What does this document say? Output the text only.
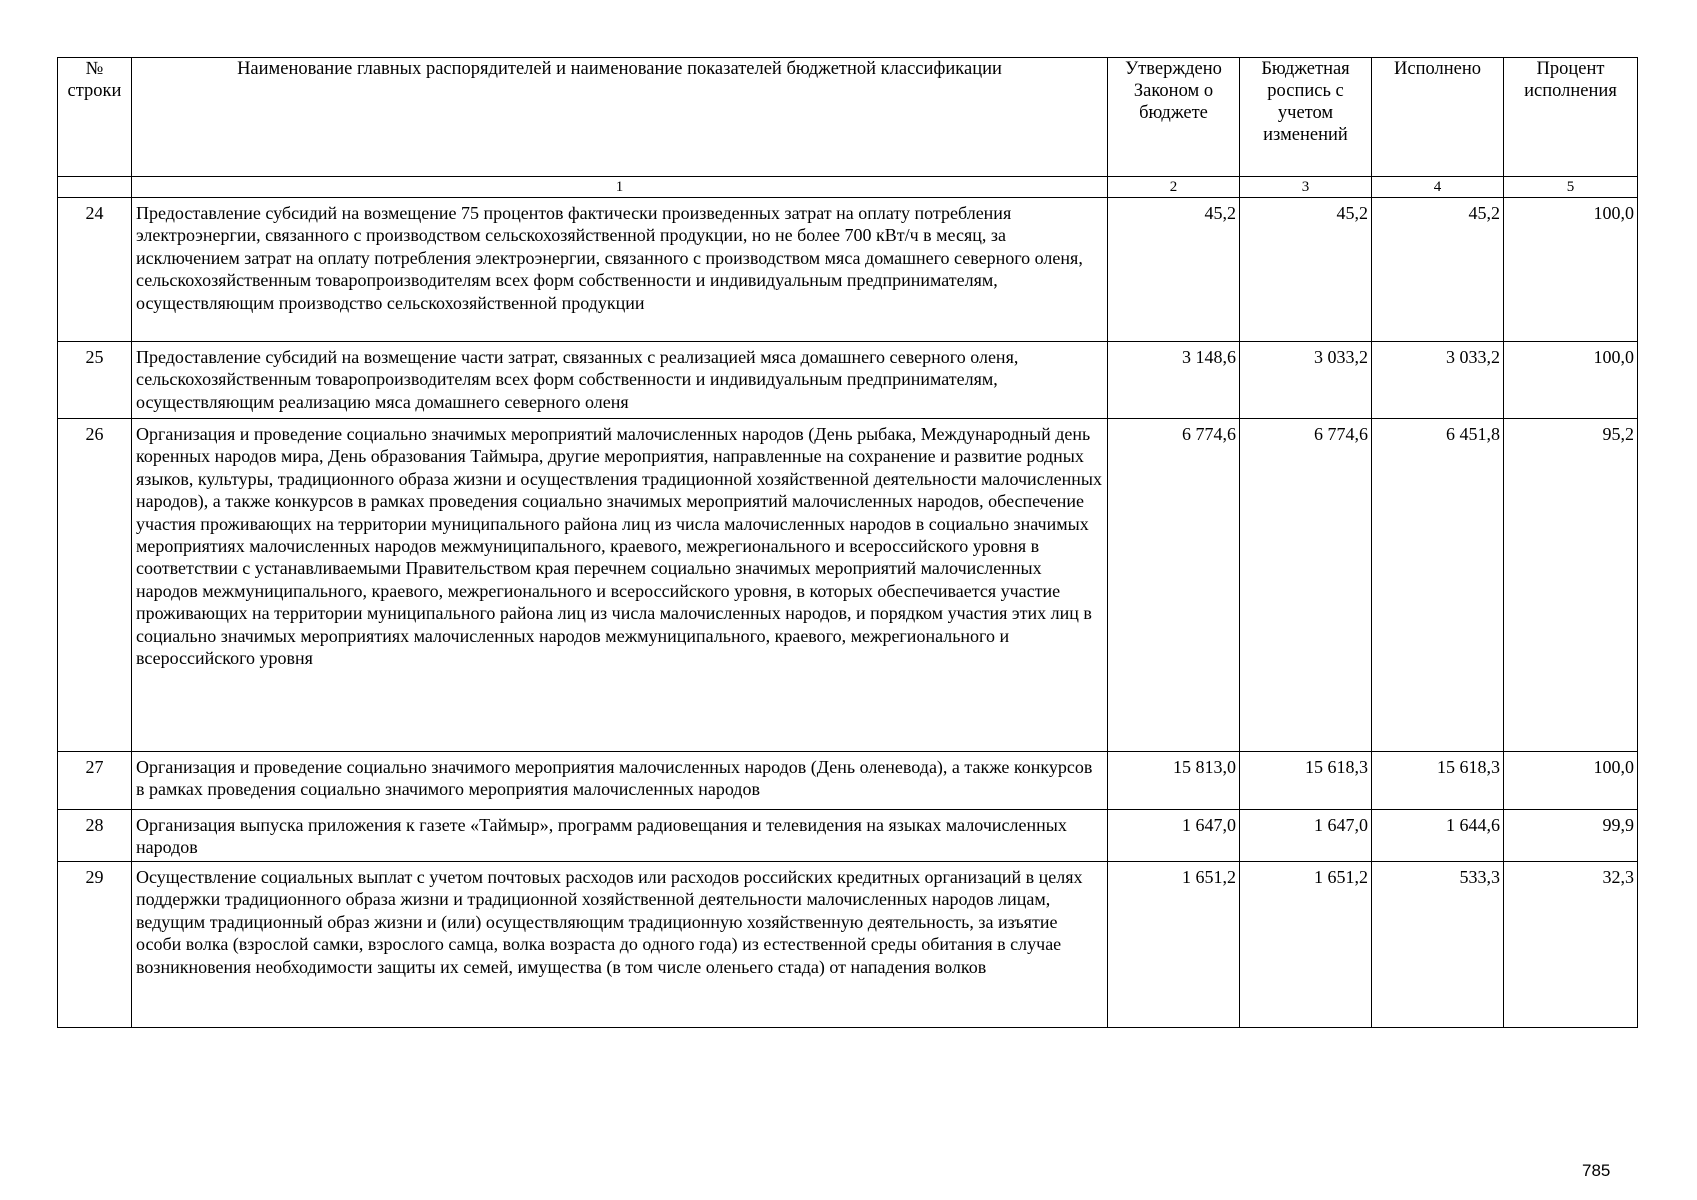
№ строки	Наименование главных распорядителей и наименование показателей бюджетной классификации	Утверждено Законом о бюджете	Бюджетная роспись с учетом изменений	Исполнено	Процент исполнения
	1	2	3	4	5
24	Предоставление субсидий на возмещение 75 процентов фактически произведенных затрат на оплату потребления электроэнергии, связанного с производством сельскохозяйственной продукции, но не более 700 кВт/ч в месяц, за исключением затрат на оплату потребления электроэнергии, связанного с производством мяса домашнего северного оленя, сельскохозяйственным товаропроизводителям всех форм собственности и индивидуальным предпринимателям, осуществляющим производство сельскохозяйственной продукции	45,2	45,2	45,2	100,0
25	Предоставление субсидий на возмещение части затрат, связанных с реализацией мяса домашнего северного оленя, сельскохозяйственным товаропроизводителям всех форм собственности и индивидуальным предпринимателям, осуществляющим реализацию мяса домашнего северного оленя	3 148,6	3 033,2	3 033,2	100,0
26	Организация и проведение социально значимых мероприятий малочисленных народов (День рыбака, Международный день коренных народов мира, День образования Таймыра, другие мероприятия, направленные на сохранение и развитие родных языков, культуры, традиционного образа жизни и осуществления традиционной хозяйственной деятельности малочисленных народов), а также конкурсов в рамках проведения социально значимых мероприятий малочисленных народов, обеспечение участия проживающих на территории муниципального района лиц из числа малочисленных народов в социально значимых мероприятиях малочисленных народов межмуниципального, краевого, межрегионального и всероссийского уровня в соответствии с устанавливаемыми Правительством края перечнем социально значимых мероприятий малочисленных народов межмуниципального, краевого, межрегионального и всероссийского уровня, в которых обеспечивается участие проживающих на территории муниципального района лиц из числа малочисленных народов, и порядком участия этих лиц в социально значимых мероприятиях малочисленных народов межмуниципального, краевого, межрегионального и всероссийского уровня	6 774,6	6 774,6	6 451,8	95,2
27	Организация и проведение социально значимого мероприятия малочисленных народов (День оленевода), а также конкурсов в рамках проведения социально значимого мероприятия малочисленных народов	15 813,0	15 618,3	15 618,3	100,0
28	Организация выпуска приложения к газете «Таймыр», программ радиовещания и телевидения на языках малочисленных народов	1 647,0	1 647,0	1 644,6	99,9
29	Осуществление социальных выплат с учетом почтовых расходов или расходов российских кредитных организаций в целях поддержки традиционного образа жизни и традиционной хозяйственной деятельности малочисленных народов лицам, ведущим традиционный образ жизни и (или) осуществляющим традиционную хозяйственную деятельность, за изъятие особи волка (взрослой самки, взрослого самца, волка возраста до одного года) из естественной среды обитания в случае возникновения необходимости защиты их семей, имущества (в том числе оленьего стада) от нападения волков	1 651,2	1 651,2	533,3	32,3
785
